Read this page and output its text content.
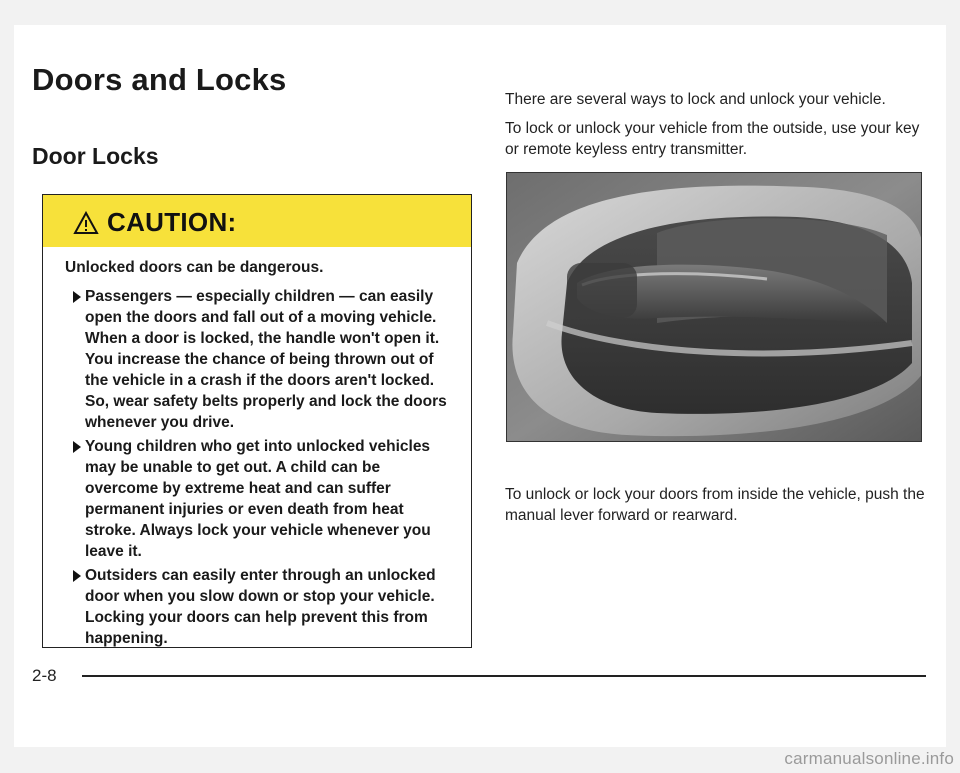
Doors and Locks
Door Locks
CAUTION:

Unlocked doors can be dangerous.

Passengers — especially children — can easily open the doors and fall out of a moving vehicle. When a door is locked, the handle won't open it. You increase the chance of being thrown out of the vehicle in a crash if the doors aren't locked. So, wear safety belts properly and lock the doors whenever you drive.
Young children who get into unlocked vehicles may be unable to get out. A child can be overcome by extreme heat and can suffer permanent injuries or even death from heat stroke. Always lock your vehicle whenever you leave it.
Outsiders can easily enter through an unlocked door when you slow down or stop your vehicle. Locking your doors can help prevent this from happening.

There are several ways to lock and unlock your vehicle.

To lock or unlock your vehicle from the outside, use your key or remote keyless entry transmitter.

To unlock or lock your doors from inside the vehicle, push the manual lever forward or rearward.

2-8
carmanualsonline.info
